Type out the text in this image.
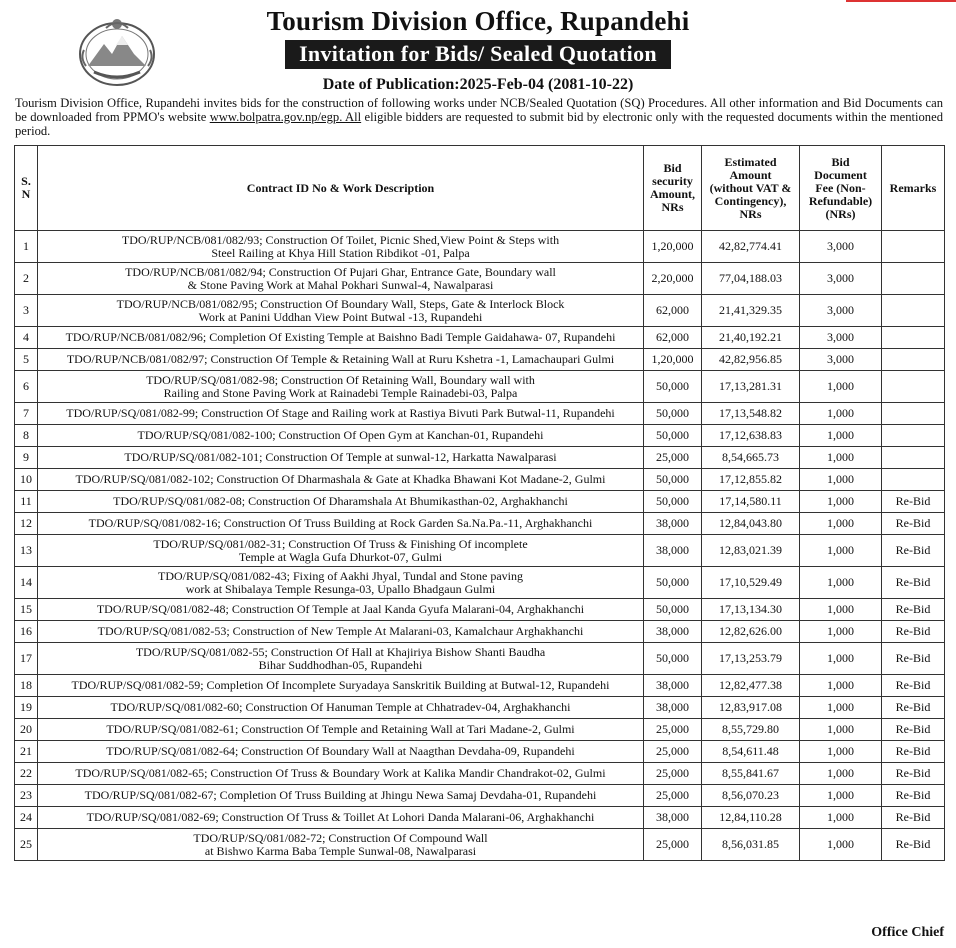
Tourism Division Office, Rupandehi
Invitation for Bids/ Sealed Quotation
Date of Publication:2025-Feb-04 (2081-10-22)
Tourism Division Office, Rupandehi invites bids for the construction of following works under NCB/Sealed Quotation (SQ) Procedures. All other information and Bid Documents can be downloaded from PPMO's website www.bolpatra.gov.np/egp. All eligible bidders are requested to submit bid by electronic only with the requested documents within the mentioned period.
S.
N	Contract ID No & Work Description	Bid
security
Amount,
NRs	Estimated
Amount
(without VAT &
Contingency),
NRs	Bid
Document
Fee (Non-
Refundable)
(NRs)	Remarks
1	TDO/RUP/NCB/081/082/93; Construction Of Toilet, Picnic Shed,View Point & Steps with
Steel Railing at Khya Hill Station Ribdikot -01, Palpa	1,20,000	42,82,774.41	3,000	
2	TDO/RUP/NCB/081/082/94; Construction Of Pujari Ghar, Entrance Gate, Boundary wall
& Stone Paving Work at Mahal Pokhari Sunwal-4, Nawalparasi	2,20,000	77,04,188.03	3,000	
3	TDO/RUP/NCB/081/082/95; Construction Of Boundary Wall, Steps, Gate & Interlock Block
Work at Panini Uddhan View Point Butwal -13, Rupandehi	62,000	21,41,329.35	3,000	
4	TDO/RUP/NCB/081/082/96; Completion Of Existing Temple at Baishno Badi Temple Gaidahawa- 07, Rupandehi	62,000	21,40,192.21	3,000	
5	TDO/RUP/NCB/081/082/97; Construction Of Temple & Retaining Wall at Ruru Kshetra -1, Lamachaupari Gulmi	1,20,000	42,82,956.85	3,000	
6	TDO/RUP/SQ/081/082-98; Construction Of Retaining Wall, Boundary wall with
Railing and Stone Paving Work at Rainadebi Temple Rainadebi-03, Palpa	50,000	17,13,281.31	1,000	
7	TDO/RUP/SQ/081/082-99; Construction Of Stage and Railing work at Rastiya Bivuti Park Butwal-11, Rupandehi	50,000	17,13,548.82	1,000	
8	TDO/RUP/SQ/081/082-100; Construction Of Open Gym at Kanchan-01, Rupandehi	50,000	17,12,638.83	1,000	
9	TDO/RUP/SQ/081/082-101; Construction Of Temple at sunwal-12, Harkatta Nawalparasi	25,000	8,54,665.73	1,000	
10	TDO/RUP/SQ/081/082-102; Construction Of Dharmashala & Gate at Khadka Bhawani Kot Madane-2, Gulmi	50,000	17,12,855.82	1,000	
11	TDO/RUP/SQ/081/082-08; Construction Of Dharamshala At Bhumikasthan-02, Arghakhanchi	50,000	17,14,580.11	1,000	Re-Bid
12	TDO/RUP/SQ/081/082-16; Construction Of Truss Building at Rock Garden Sa.Na.Pa.-11, Arghakhanchi	38,000	12,84,043.80	1,000	Re-Bid
13	TDO/RUP/SQ/081/082-31; Construction Of Truss & Finishing Of incomplete
Temple at Wagla Gufa Dhurkot-07, Gulmi	38,000	12,83,021.39	1,000	Re-Bid
14	TDO/RUP/SQ/081/082-43; Fixing of Aakhi Jhyal, Tundal and Stone paving
work at Shibalaya Temple Resunga-03, Upallo Bhadgaun Gulmi	50,000	17,10,529.49	1,000	Re-Bid
15	TDO/RUP/SQ/081/082-48; Construction Of Temple at Jaal Kanda Gyufa Malarani-04, Arghakhanchi	50,000	17,13,134.30	1,000	Re-Bid
16	TDO/RUP/SQ/081/082-53; Construction of New Temple At Malarani-03, Kamalchaur Arghakhanchi	38,000	12,82,626.00	1,000	Re-Bid
17	TDO/RUP/SQ/081/082-55; Construction Of Hall at Khajiriya Bishow Shanti Baudha
Bihar Suddhodhan-05, Rupandehi	50,000	17,13,253.79	1,000	Re-Bid
18	TDO/RUP/SQ/081/082-59; Completion Of Incomplete Suryadaya Sanskritik Building at Butwal-12, Rupandehi	38,000	12,82,477.38	1,000	Re-Bid
19	TDO/RUP/SQ/081/082-60; Construction Of Hanuman Temple at Chhatradev-04, Arghakhanchi	38,000	12,83,917.08	1,000	Re-Bid
20	TDO/RUP/SQ/081/082-61; Construction Of Temple and Retaining Wall at Tari Madane-2, Gulmi	25,000	8,55,729.80	1,000	Re-Bid
21	TDO/RUP/SQ/081/082-64; Construction Of Boundary Wall at Naagthan Devdaha-09, Rupandehi	25,000	8,54,611.48	1,000	Re-Bid
22	TDO/RUP/SQ/081/082-65; Construction Of Truss & Boundary Work at Kalika Mandir Chandrakot-02, Gulmi	25,000	8,55,841.67	1,000	Re-Bid
23	TDO/RUP/SQ/081/082-67; Completion Of Truss Building at Jhingu Newa Samaj Devdaha-01, Rupandehi	25,000	8,56,070.23	1,000	Re-Bid
24	TDO/RUP/SQ/081/082-69; Construction Of Truss & Toillet At Lohori Danda Malarani-06, Arghakhanchi	38,000	12,84,110.28	1,000	Re-Bid
25	TDO/RUP/SQ/081/082-72; Construction Of Compound Wall
at Bishwo Karma Baba Temple Sunwal-08, Nawalparasi	25,000	8,56,031.85	1,000	Re-Bid
Office Chief
